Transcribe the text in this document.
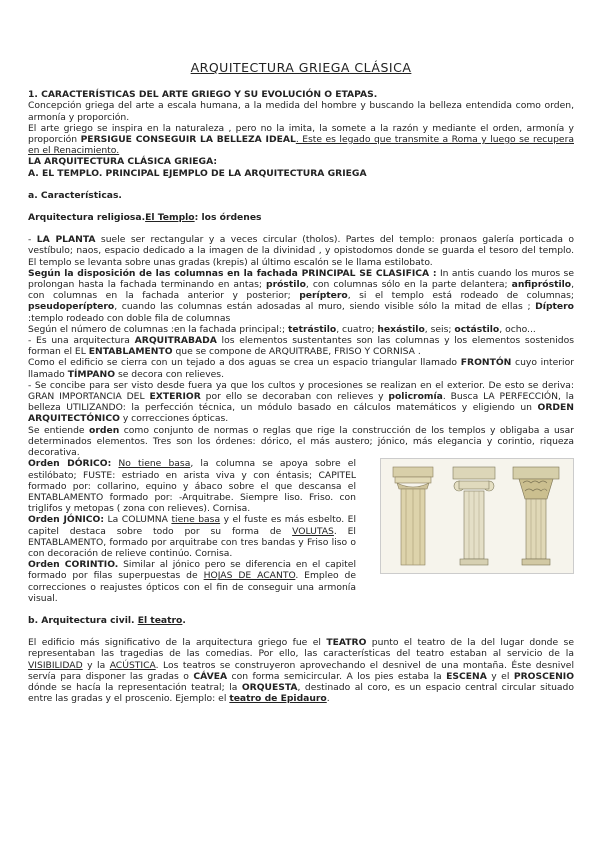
ARQUITECTURA GRIEGA CLÁSICA
1. CARACTERÍSTICAS DEL ARTE GRIEGO Y SU EVOLUCIÓN O ETAPAS.

Concepción griega del arte a escala humana, a la medida del hombre y buscando la belleza entendida como orden, armonía y proporción.

El arte griego se inspira en la naturaleza , pero no la imita, la somete a la razón y mediante el orden, armonía y proporción PERSIGUE CONSEGUIR LA BELLEZA IDEAL. Este es legado que transmite a Roma y luego se recupera en el Renacimiento.

LA ARQUITECTURA CLÁSICA GRIEGA:
A. EL TEMPLO. PRINCIPAL EJEMPLO DE LA ARQUITECTURA GRIEGA
a. Características.
Arquitectura religiosa.El Templo: los órdenes

- LA PLANTA suele ser rectangular y a veces circular (tholos). Partes del templo: pronaos galería porticada o vestíbulo; naos, espacio dedicado a la imagen de la divinidad , y opistodomos donde se guarda el tesoro del templo. El templo se levanta sobre unas gradas (krepis) al último escalón se le llama estilobato.

Según la disposición de las columnas en la fachada PRINCIPAL SE CLASIFICA : In antis cuando los muros se prolongan hasta la fachada terminando en antas; próstilo, con columnas sólo en la parte delantera; anfipróstilo, con columnas en la fachada anterior y posterior; períptero, si el templo está rodeado de columnas; pseudoperíptero, cuando las columnas están adosadas al muro, siendo visible sólo la mitad de ellas ; Díptero :templo rodeado con doble fila de columnas

Según el número de columnas :en la fachada principal:; tetrástilo, cuatro; hexástilo, seis; octástilo, ocho...

- Es una arquitectura ARQUITRABADA los elementos sustentantes son las columnas y los elementos sostenidos forman el EL ENTABLAMENTO que se compone de ARQUITRABE, FRISO Y CORNISA .

Como el edificio se cierra con un tejado a dos aguas se crea un espacio triangular llamado FRONTÓN cuyo interior llamado TÍMPANO se decora con relieves.

- Se concibe para ser visto desde fuera ya que los cultos y procesiones se realizan en el exterior. De esto se deriva: GRAN IMPORTANCIA DEL EXTERIOR por ello se decoraban con relieves y policromía. Busca LA PERFECCIÓN, la belleza UTILIZANDO: la perfección técnica, un módulo basado en cálculos matemáticos y eligiendo un ORDEN ARQUITECTÓNICO y correcciones ópticas.

Se entiende orden como conjunto de normas o reglas que rige la construcción de los templos y obligaba a usar determinados elementos. Tres son los órdenes: dórico, el más austero; jónico, más elegancia y corintio, riqueza decorativa.

Orden DÓRICO: No tiene basa, la columna se apoya sobre el estilóbato; FUSTE: estriado en arista viva y con éntasis; CAPITEL formado por: collarino, equino y ábaco sobre el que descansa el ENTABLAMENTO formado por: -Arquitrabe. Siempre liso. Friso. con triglifos y metopas ( zona con relieves). Cornisa.

Orden JÓNICO: La COLUMNA tiene basa y el fuste es más esbelto. El capitel destaca sobre todo por su forma de VOLUTAS. El ENTABLAMENTO, formado por arquitrabe con tres bandas y Friso liso o con decoración de relieve continúo. Cornisa.

Orden CORINTIO. Similar al jónico pero se diferencia en el capitel formado por filas superpuestas de HOJAS DE ACANTO. Empleo de correcciones o reajustes ópticos con el fin de conseguir una armonía visual.

b. Arquitectura civil. El teatro.

El edificio más significativo de la arquitectura griego fue el TEATRO punto el teatro de la del lugar donde se representaban las tragedias de las comedias. Por ello, las características del teatro estaban al servicio de la VISIBILIDAD y la ACÚSTICA. Los teatros se construyeron aprovechando el desnivel de una montaña. Éste desnivel servía para disponer las gradas o CÁVEA con forma semicircular. A los pies estaba la ESCENA y el PROSCENIO dónde se hacía la representación teatral; la ORQUESTA, destinado al coro, es un espacio central circular situado entre las gradas y el proscenio. Ejemplo: el teatro de Epidauro.
